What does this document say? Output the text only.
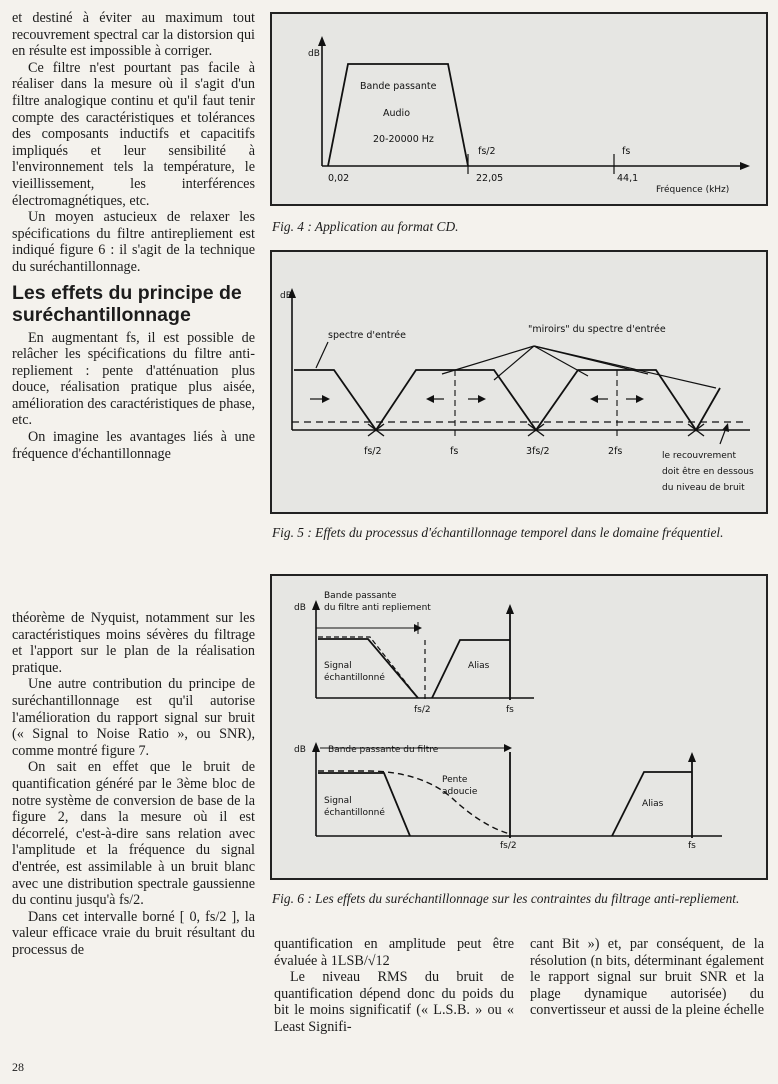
et destiné à éviter au maximum tout recouvrement spectral car la distorsion qui en résulte est impossible à corriger.

Ce filtre n'est pourtant pas facile à réaliser dans la mesure où il s'agit d'un filtre analogique continu et qu'il faut tenir compte des caractéristiques et tolérances des composants inductifs et capacitifs impliqués et leur sensibilité à l'environnement tels la température, le vieillissement, les interférences électromagnétiques, etc.

Un moyen astucieux de relaxer les spécifications du filtre antirepliement est indiqué figure 6 : il s'agit de la technique du suréchantillonnage.

Les effets du principe de suréchantillonnage

En augmentant fs, il est possible de relâcher les spécifications du filtre anti-repliement : pente d'atténuation plus douce, réalisation pratique plus aisée, amélioration des caractéristiques de phase, etc.

On imagine les avantages liés à une fréquence d'échantillonnage

théorème de Nyquist, notamment sur les caractéristiques moins sévères du filtrage et l'apport sur le plan de la réalisation pratique.

Une autre contribution du principe de suréchantillonnage est qu'il autorise l'amélioration du rapport signal sur bruit (« Signal to Noise Ratio », ou SNR), comme montré figure 7.

On sait en effet que le bruit de quantification généré par le 3ème bloc de notre système de conversion de base de la figure 2, dans la mesure où il est décorrelé, c'est-à-dire sans relation avec l'amplitude et la fréquence du signal d'entrée, est assimilable à un bruit blanc avec une distribution spectrale gaussienne du continu jusqu'à fs/2.

Dans cet intervalle borné [ 0, fs/2 ], la valeur efficace vraie du bruit résultant du processus de

dB
Bande passante
Audio
20-20000 Hz
fs/2	fs
0,02	22,05	44,1
Fréquence (kHz)
Fig. 4 : Application au format CD.
dB
spectre d'entrée
"miroirs" du spectre d'entrée
fs/2	fs	3fs/2	2fs	le recouvrement
doit être en dessous
du niveau de bruit
Fig. 5 : Effets du processus d'échantillonnage temporel dans le domaine fréquentiel.
Bande passante
du filtre anti repliement
dB
Signal
échantillonné
Alias
fs/2	fs
dB Bande passante du filtre
Pente
adoucie
Signal
échantillonné
Alias
fs/2	fs
Fig. 6 : Les effets du suréchantillonnage sur les contraintes du filtrage anti-repliement.

quantification en amplitude peut être évaluée à 1LSB/√12

Le niveau RMS du bruit de quantification dépend donc du poids du bit le moins significatif (« L.S.B. » ou « Least Signifi-

cant Bit ») et, par conséquent, de la résolution (n bits, déterminant également le rapport signal sur bruit SNR et la plage dynamique autorisée) du convertisseur et aussi de la pleine échelle

28
